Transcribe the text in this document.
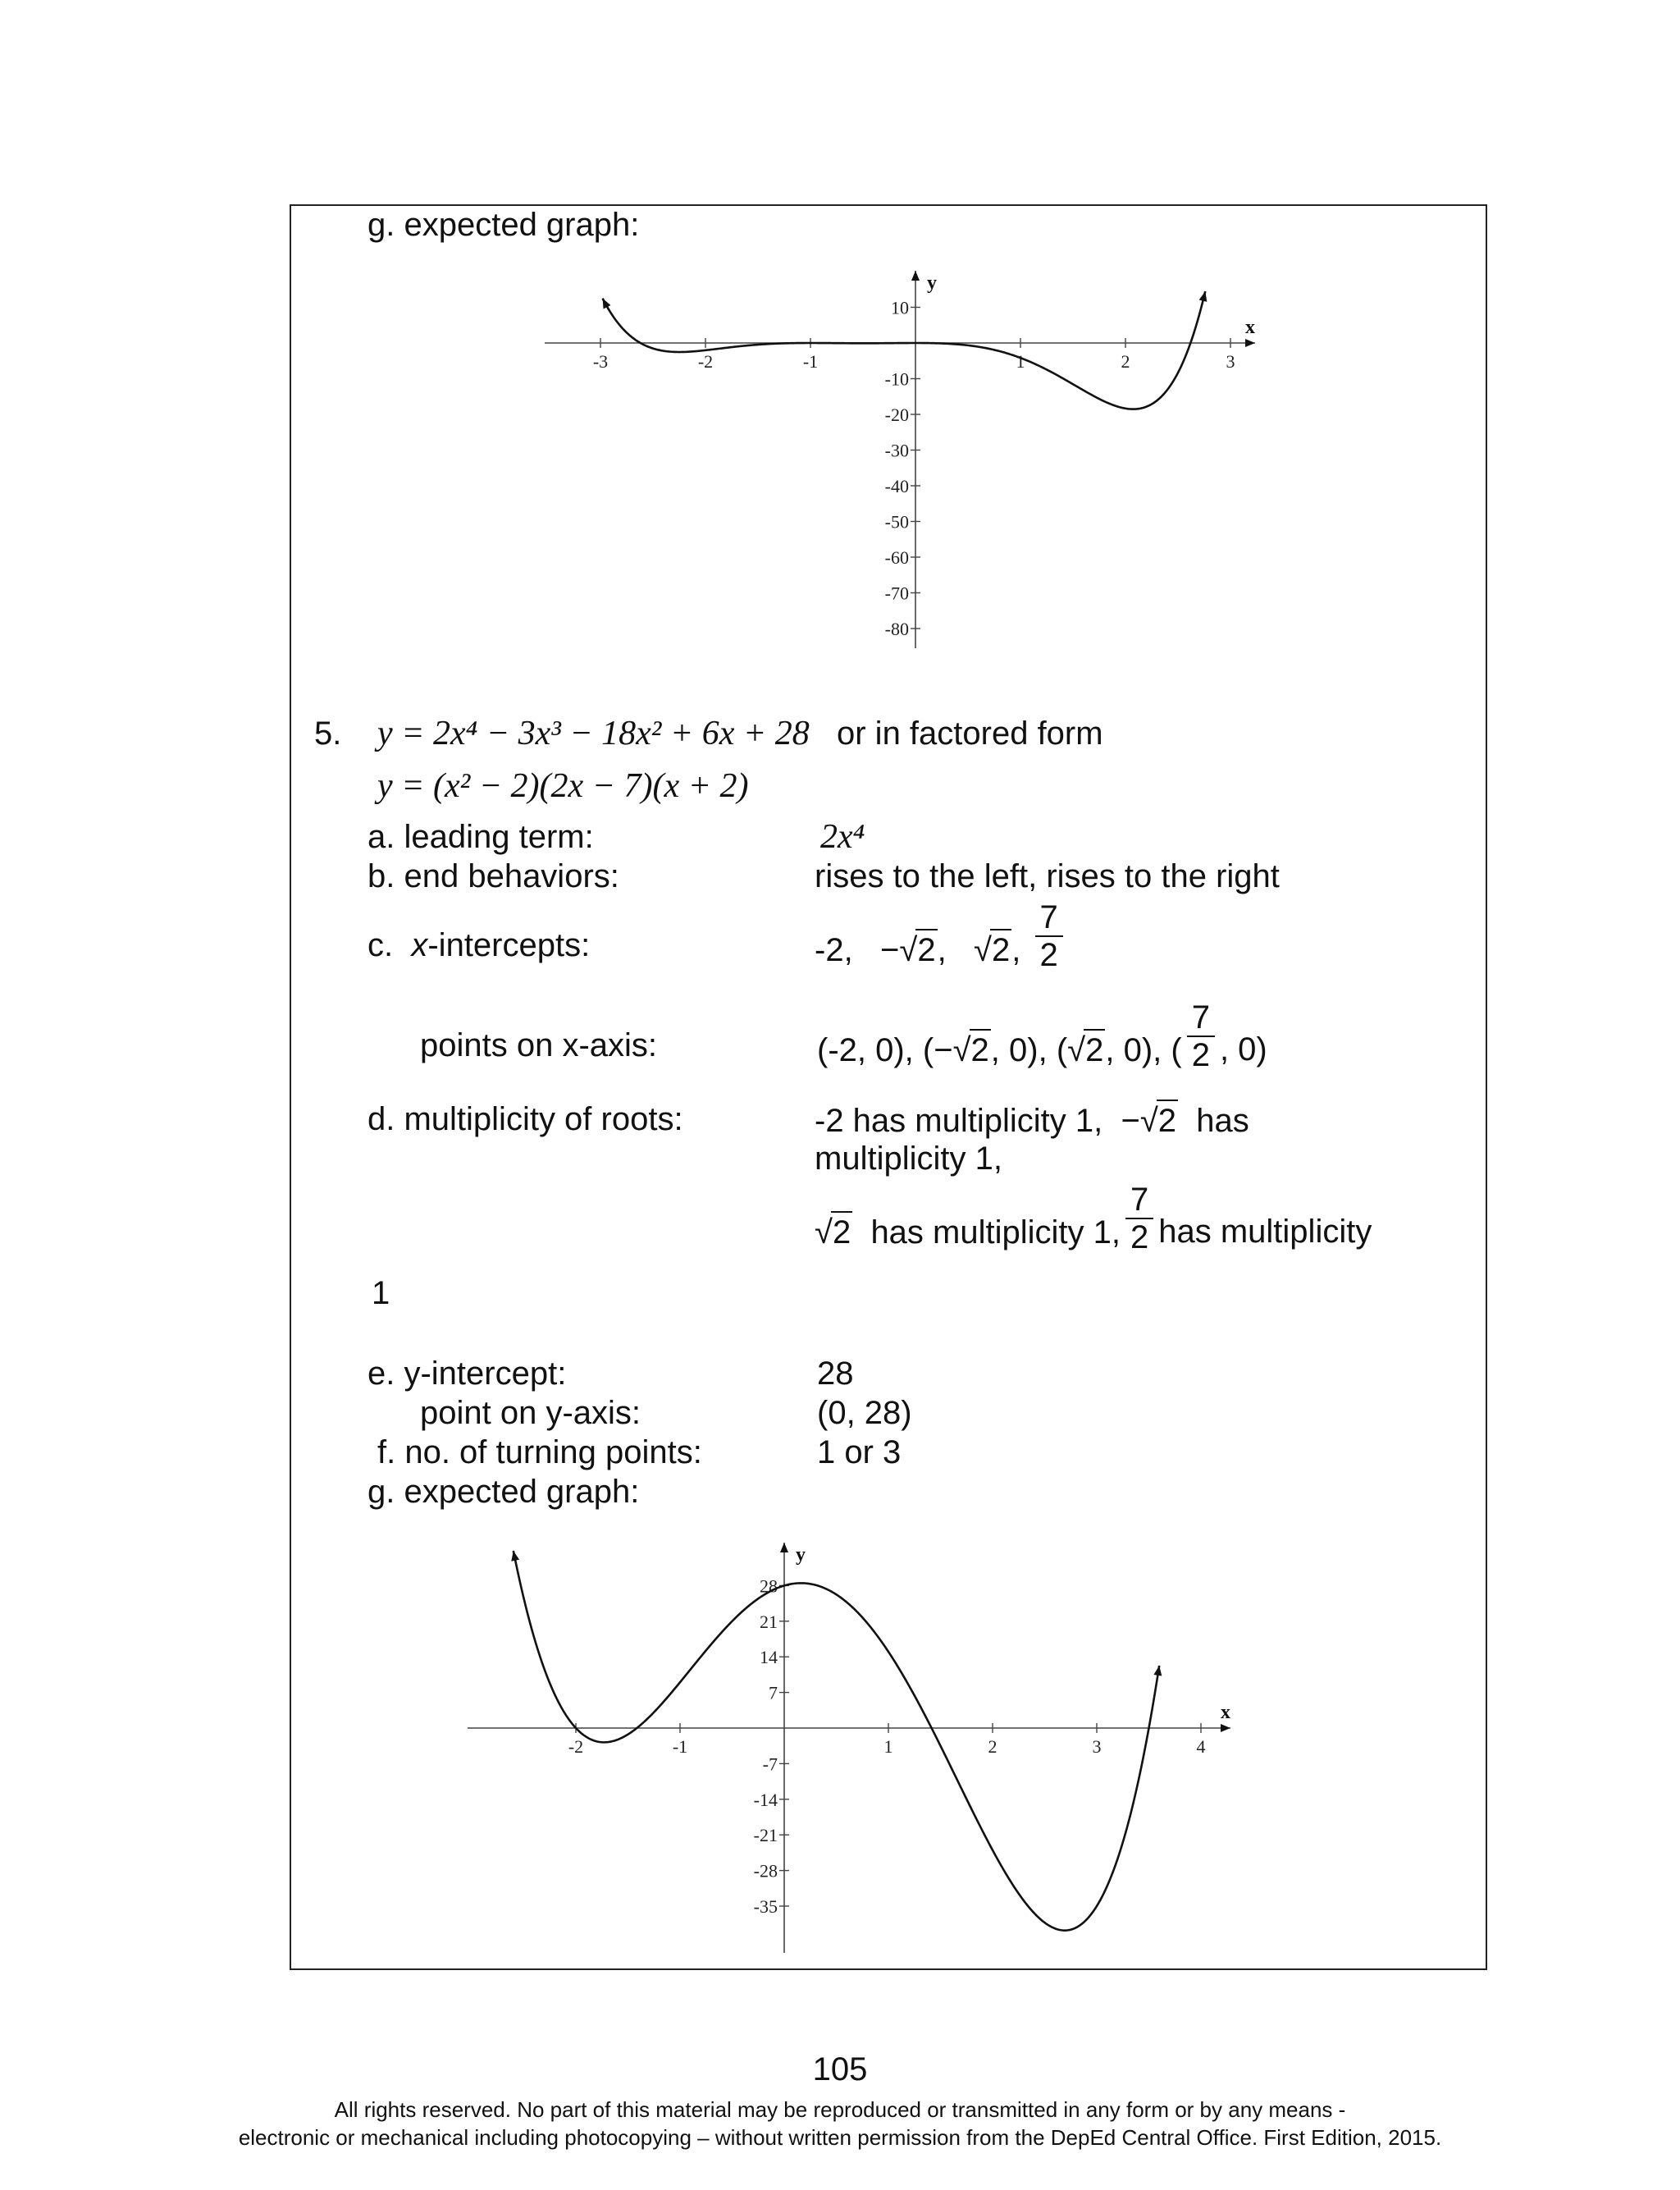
g. expected graph:
-3	-2	-1	1	2	3
10
-10
-20
-30
-40
-50
-60
-70
-80
x
y
5. y = 2x⁴ − 3x³ − 18x² + 6x + 28 or in factored form
y = (x² − 2)(2x − 7)(x + 2)
a. leading term:	2x⁴
b. end behaviors:	rises to the left, rises to the right
c. x-intercepts:	-2,   −√2,   √2, $\frac{7}{2}$
points on x-axis:	(-2, 0), (−√2, 0), (√2, 0), ( $\frac{7}{2}$ , 0)
d. multiplicity of roots:	-2 has multiplicity 1,  −√2 has
multiplicity 1,
√2 has multiplicity 1, $\frac{7}{2}$ has multiplicity
1
e. y-intercept:	28
point on y-axis:	(0, 28)
f. no. of turning points:	1 or 3
g. expected graph:
-2	-1	1	2	3	4
28
21
14
7
-7
-14
-21
-28
-35
x
y
105
All rights reserved. No part of this material may be reproduced or transmitted in any form or by any means -
electronic or mechanical including photocopying – without written permission from the DepEd Central Office. First Edition, 2015.
